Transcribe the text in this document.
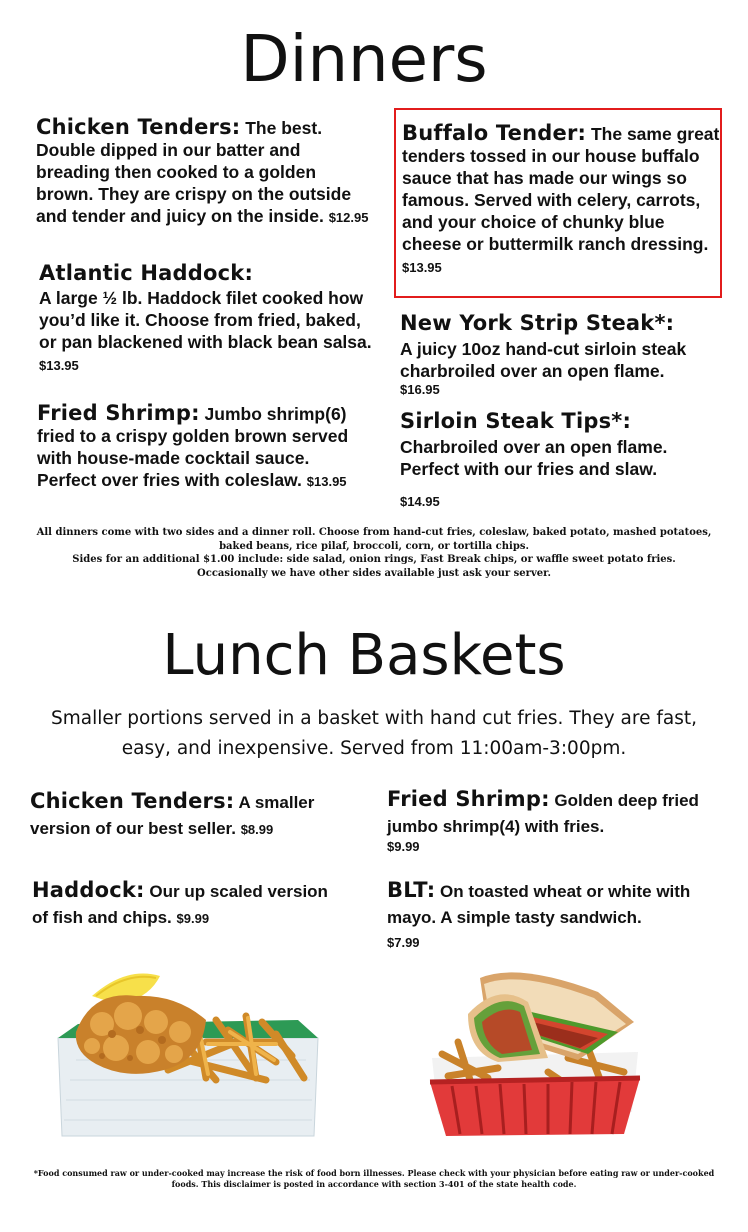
Dinners
Chicken Tenders: The best. Double dipped in our batter and breading then cooked to a golden brown. They are crispy on the outside and tender and juicy on the inside. $12.95
Atlantic Haddock:
A large ½ lb. Haddock filet cooked how you’d like it. Choose from fried, baked, or pan blackened with black bean salsa. $13.95
Fried Shrimp: Jumbo shrimp(6) fried to a crispy golden brown served with house-made cocktail sauce. Perfect over fries with coleslaw. $13.95
Buffalo Tender: The same great tenders tossed in our house buffalo sauce that has made our wings so famous. Served with celery, carrots, and your choice of chunky blue cheese or buttermilk ranch dressing. $13.95
New York Strip Steak*:
A juicy 10oz hand-cut sirloin steak charbroiled over an open flame.
$16.95
Sirloin Steak Tips*:
Charbroiled over an open flame. Perfect with our fries and slaw.
$14.95
All dinners come with two sides and a dinner roll. Choose from hand-cut fries, coleslaw, baked potato, mashed potatoes, baked beans, rice pilaf, broccoli, corn, or tortilla chips.
Sides for an additional $1.00 include: side salad, onion rings, Fast Break chips, or waffle sweet potato fries.
Occasionally we have other sides available just ask your server.
Lunch Baskets
Smaller portions served in a basket with hand cut fries. They are fast, easy, and inexpensive. Served from 11:00am-3:00pm.
Chicken Tenders: A smaller version of our best seller. $8.99
Haddock: Our up scaled version of fish and chips. $9.99
Fried Shrimp: Golden deep fried jumbo shrimp(4) with fries.
$9.99
BLT: On toasted wheat or white with mayo. A simple tasty sandwich.
$7.99
*Food consumed raw or under-cooked may increase the risk of food born illnesses. Please check with your physician before eating raw or under-cooked foods. This disclaimer is posted in accordance with section 3-401 of the state health code.
